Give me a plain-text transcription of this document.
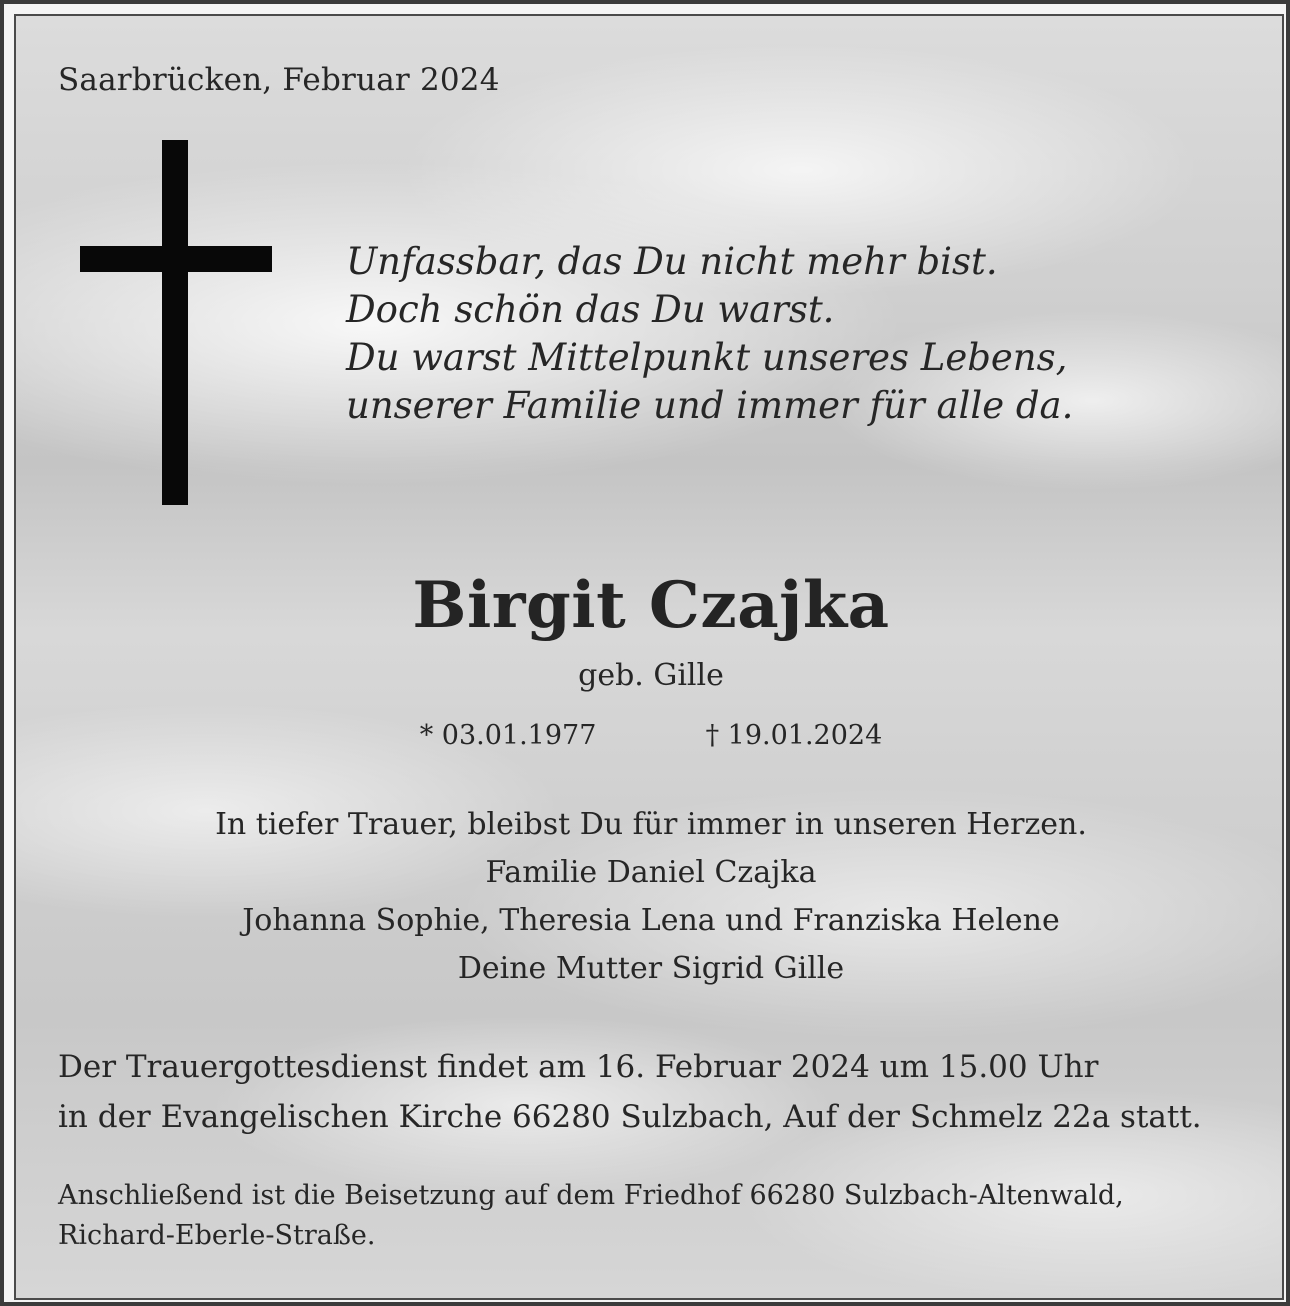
Saarbrücken, Februar 2024
Unfassbar, das Du nicht mehr bist.
Doch schön das Du warst.
Du warst Mittelpunkt unseres Lebens,
unserer Familie und immer für alle da.
Birgit Czajka
geb. Gille
* 03.01.1977	† 19.01.2024
In tiefer Trauer, bleibst Du für immer in unseren Herzen.
Familie Daniel Czajka
Johanna Sophie, Theresia Lena und Franziska Helene
Deine Mutter Sigrid Gille
Der Trauergottesdienst findet am 16. Februar 2024 um 15.00 Uhr
in der Evangelischen Kirche 66280 Sulzbach, Auf der Schmelz 22a statt.
Anschließend ist die Beisetzung auf dem Friedhof 66280 Sulzbach-Altenwald, Richard-Eberle-Straße.
